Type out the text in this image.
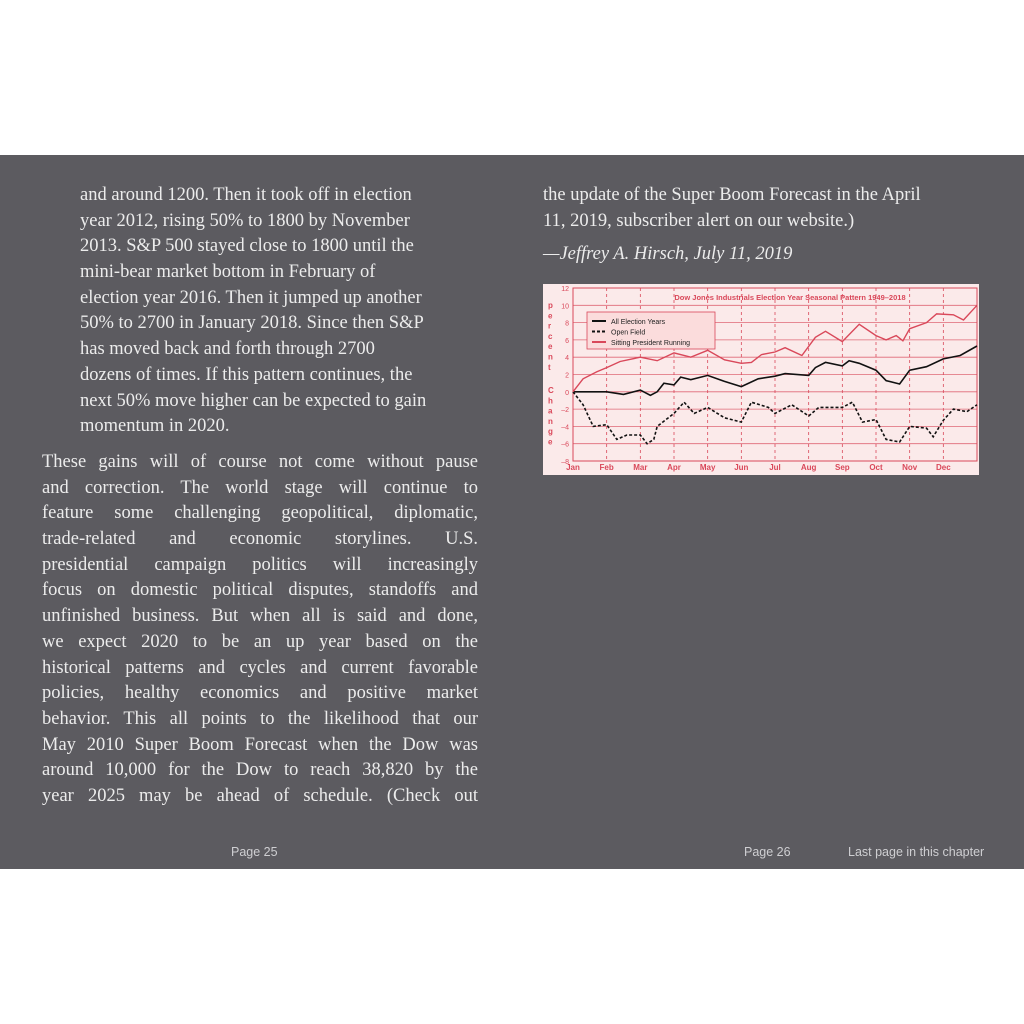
and around 1200. Then it took off in election
year 2012, rising 50% to 1800 by November
2013. S&P 500 stayed close to 1800 until the
mini-bear market bottom in February of
election year 2016. Then it jumped up another
50% to 2700 in January 2018. Since then S&P
has moved back and forth through 2700
dozens of times. If this pattern continues, the
next 50% move higher can be expected to gain
momentum in 2020.
These gains will of course not come without pause
and correction. The world stage will continue to
feature some challenging geopolitical, diplomatic,
trade-related and economic storylines. U.S.
presidential campaign politics will increasingly
focus on domestic political disputes, standoffs and
unfinished business. But when all is said and done,
we expect 2020 to be an up year based on the
historical patterns and cycles and current favorable
policies, healthy economics and positive market
behavior. This all points to the likelihood that our
May 2010 Super Boom Forecast when the Dow was
around 10,000 for the Dow to reach 38,820 by the
year 2025 may be ahead of schedule. (Check out
the update of the Super Boom Forecast in the April
11, 2019, subscriber alert on our website.)
—Jeffrey A. Hirsch, July 11, 2019
12
10
8
6
4
2
0
–2
–4
–6
–8
Jan Feb Mar Apr May Jun	Jul	Aug Sep Oct Nov Dec
p
e
r
c
e
n
t
C
h
a
n
g
e
Dow Jones Industrials Election Year Seasonal Pattern 1949–2018
All Election Years
Open Field
Sitting President Running
Page 25	Page 26	Last page in this chapter
